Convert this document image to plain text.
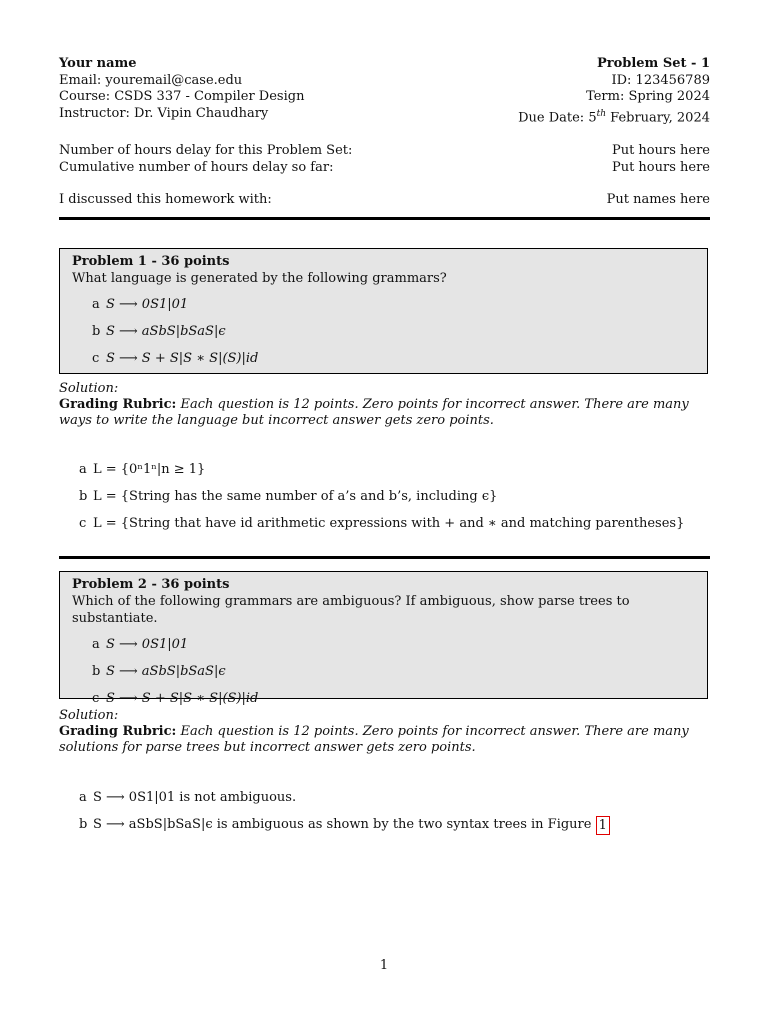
Your name	Problem Set - 1
Email: youremail@case.edu	ID: 123456789
Course: CSDS 337 - Compiler Design	Term: Spring 2024
Instructor: Dr. Vipin Chaudhary	Due Date: 5th February, 2024
Number of hours delay for this Problem Set:	Put hours here
Cumulative number of hours delay so far:	Put hours here
I discussed this homework with:	Put names here
Problem 1 - 36 points
What language is generated by the following grammars?
a S ⟶ 0S1|01
b S ⟶ aSbS|bSaS|ϵ
c S ⟶ S + S|S ∗ S|(S)|id
Solution:
Grading Rubric: Each question is 12 points. Zero points for incorrect answer. There are many ways to write the language but incorrect answer gets zero points.
a L = {0ⁿ1ⁿ|n ≥ 1}
b L = {String has the same number of a’s and b’s, including ϵ}
c L = {String that have id arithmetic expressions with + and ∗ and matching parentheses}
Problem 2 - 36 points
Which of the following grammars are ambiguous? If ambiguous, show parse trees to substantiate.
a S ⟶ 0S1|01
b S ⟶ aSbS|bSaS|ϵ
c S ⟶ S + S|S ∗ S|(S)|id
Solution:
Grading Rubric: Each question is 12 points. Zero points for incorrect answer. There are many solutions for parse trees but incorrect answer gets zero points.
a S ⟶ 0S1|01 is not ambiguous.
b S ⟶ aSbS|bSaS|ϵ is ambiguous as shown by the two syntax trees in Figure
1
1
